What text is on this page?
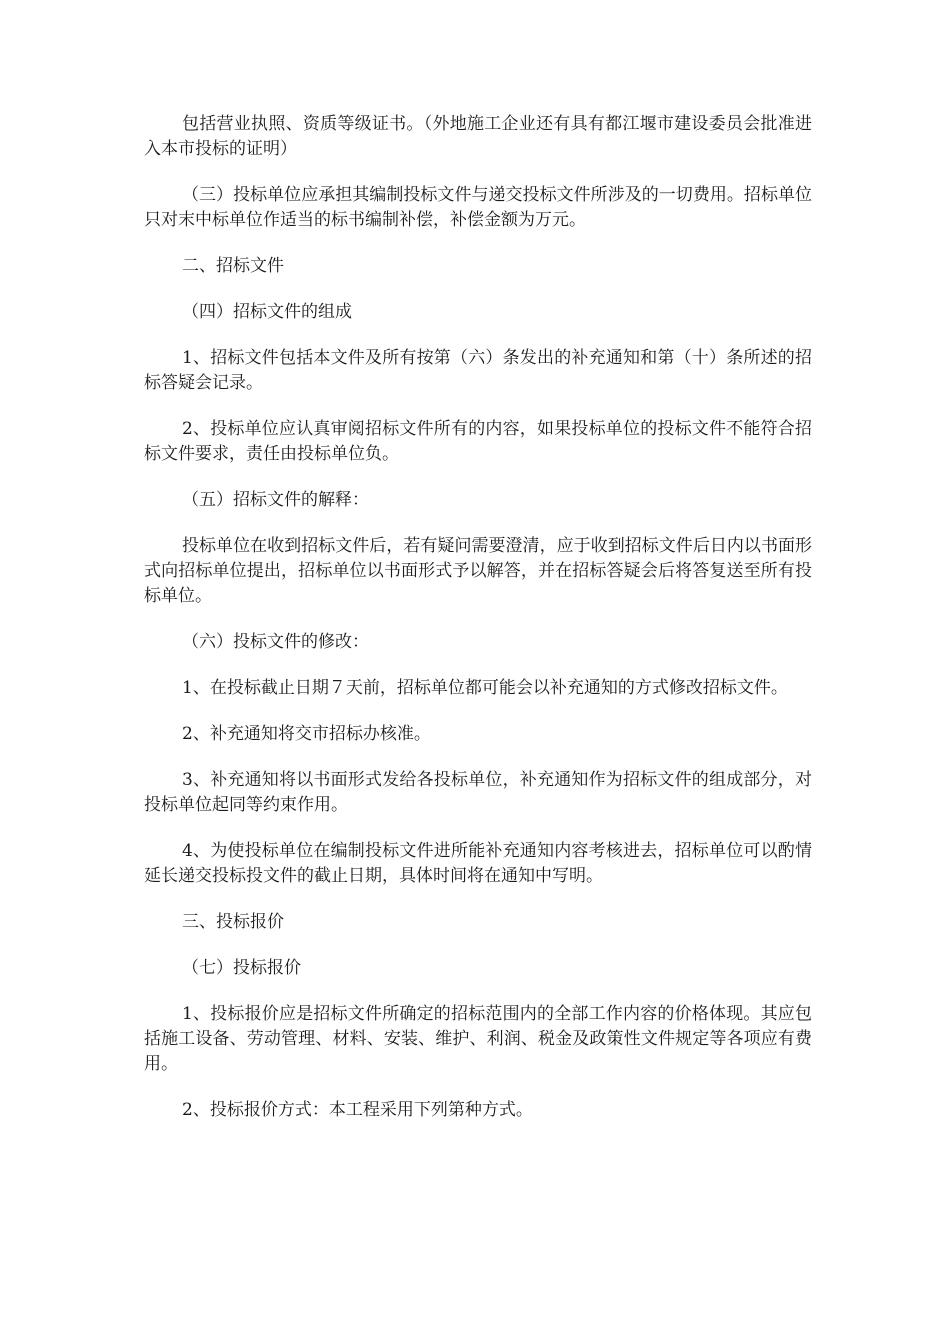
包括营业执照、资质等级证书。（外地施工企业还有具有都江堰市建设委员会批准进入本市投标的证明）

（三）投标单位应承担其编制投标文件与递交投标文件所涉及的一切费用。招标单位只对末中标单位作适当的标书编制补偿，补偿金额为万元。

二、招标文件

（四）招标文件的组成

1、招标文件包括本文件及所有按第（六）条发出的补充通知和第（十）条所述的招标答疑会记录。

2、投标单位应认真审阅招标文件所有的内容，如果投标单位的投标文件不能符合招标文件要求，责任由投标单位负。

（五）招标文件的解释：

投标单位在收到招标文件后，若有疑问需要澄清，应于收到招标文件后日内以书面形式向招标单位提出，招标单位以书面形式予以解答，并在招标答疑会后将答复送至所有投标单位。

（六）投标文件的修改：

1、在投标截止日期７天前，招标单位都可能会以补充通知的方式修改招标文件。

2、补充通知将交市招标办核准。

3、补充通知将以书面形式发给各投标单位，补充通知作为招标文件的组成部分，对投标单位起同等约束作用。

4、为使投标单位在编制投标文件进所能补充通知内容考核进去，招标单位可以酌情延长递交投标投文件的截止日期，具体时间将在通知中写明。

三、投标报价

（七）投标报价

1、投标报价应是招标文件所确定的招标范围内的全部工作内容的价格体现。其应包括施工设备、劳动管理、材料、安装、维护、利润、税金及政策性文件规定等各项应有费用。

2、投标报价方式：本工程采用下列第种方式。
